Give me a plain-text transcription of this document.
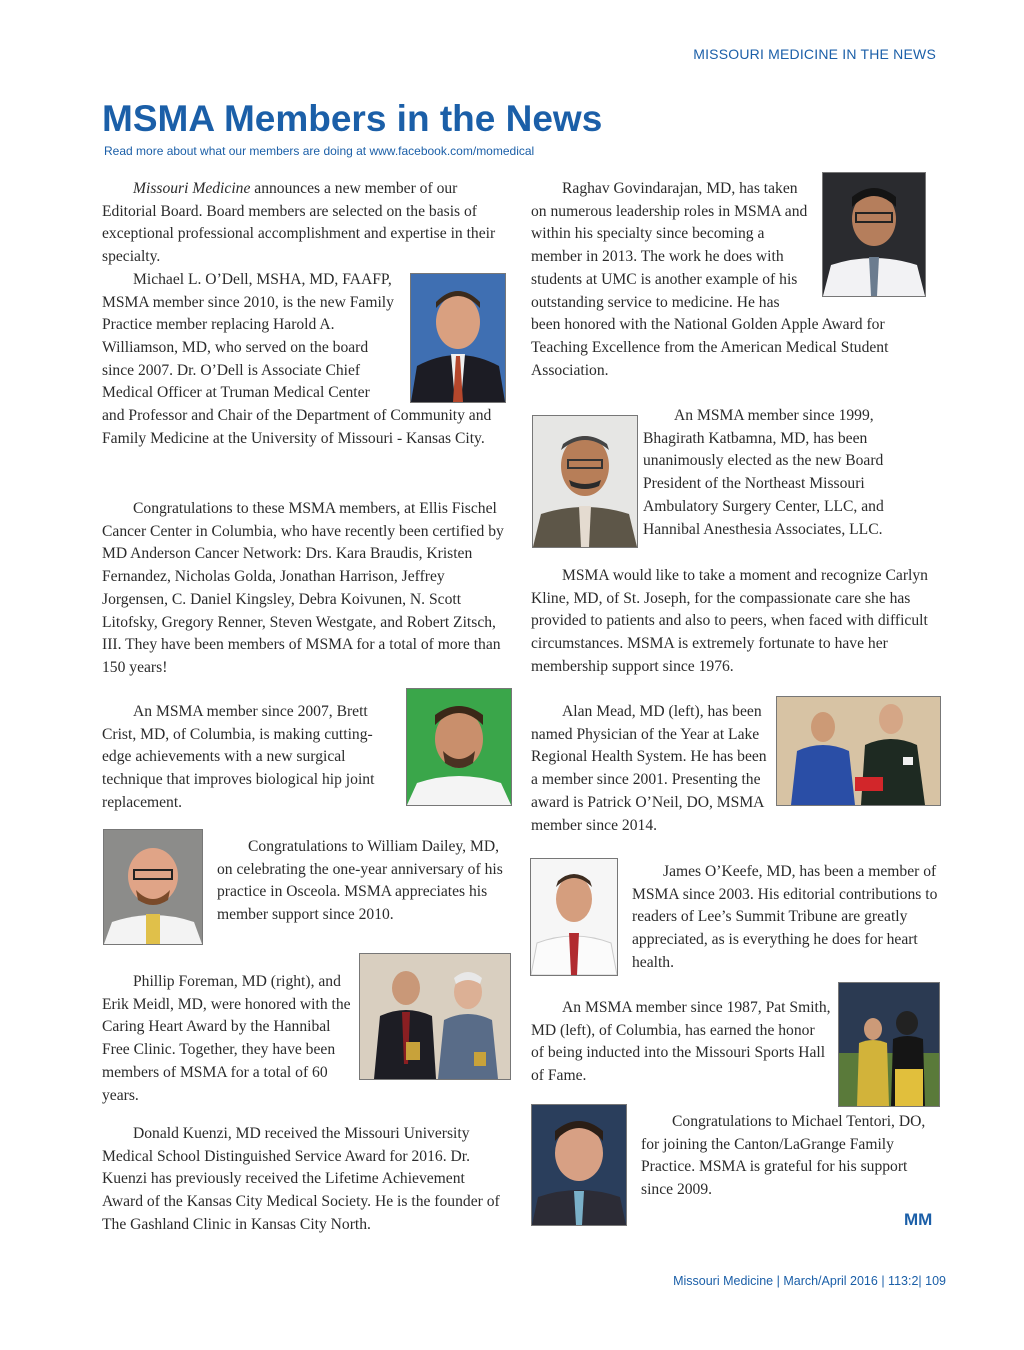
MISSOURI MEDICINE IN THE NEWS
MSMA Members in the News
Read more about what our members are doing at www.facebook.com/momedical

Missouri Medicine announces a new member of our Editorial Board. Board members are selected on the basis of exceptional professional accomplishment and expertise in their specialty.

Michael L. O’Dell, MSHA, MD, FAAFP, MSMA member since 2010, is the new Family Practice member replacing Harold A. Williamson, MD, who served on the board since 2007. Dr. O’Dell is Associate Chief Medical Officer at Truman Medical Center and Professor and Chair of the Department of Community and Family Medicine at the University of Missouri - Kansas City.

Congratulations to these MSMA members, at Ellis Fischel Cancer Center in Columbia, who have recently been certified by MD Anderson Cancer Network: Drs. Kara Braudis, Kristen Fernandez, Nicholas Golda, Jonathan Harrison, Jeffrey Jorgensen, C. Daniel Kingsley, Debra Koivunen, N. Scott Litofsky, Gregory Renner, Steven Westgate, and Robert Zitsch, III. They have been members of MSMA for a total of more than 150 years!
An MSMA member since 2007, Brett Crist, MD, of Columbia, is making cutting-edge achievements with a new surgical technique that improves biological hip joint replacement.
Congratulations to William Dailey, MD, on celebrating the one-year anniversary of his practice in Osceola. MSMA appreciates his member support since 2010.
Phillip Foreman, MD (right), and Erik Meidl, MD, were honored with the Caring Heart Award by the Hannibal Free Clinic. Together, they have been members of MSMA for a total of 60 years.
Donald Kuenzi, MD received the Missouri University Medical School Distinguished Service Award for 2016. Dr. Kuenzi has previously received the Lifetime Achievement Award of the Kansas City Medical Society. He is the founder of The Gashland Clinic in Kansas City North.

Raghav Govindarajan, MD, has taken on numerous leadership roles in MSMA and within his specialty since becoming a member in 2013. The work he does with students at UMC is another example of his outstanding service to medicine. He has been honored with the National Golden Apple Award for Teaching Excellence from the American Medical Student Association.

An MSMA member since 1999, Bhagirath Katbamna, MD, has been unanimously elected as the new Board President of the Northeast Missouri Ambulatory Surgery Center, LLC, and Hannibal Anesthesia Associates, LLC.

MSMA would like to take a moment and recognize Carlyn Kline, MD, of St. Joseph, for the compassionate care she has provided to patients and also to peers, when faced with difficult circumstances. MSMA is extremely fortunate to have her membership support since 1976.
Alan Mead, MD (left), has been named Physician of the Year at Lake Regional Health System. He has been a member since 2001. Presenting the award is Patrick O’Neil, DO, MSMA member since 2014.

James O’Keefe, MD, has been a member of MSMA since 2003. His editorial contributions to readers of Lee’s Summit Tribune are greatly appreciated, as is everything he does for heart health.

An MSMA member since 1987, Pat Smith, MD (left), of Columbia, has earned the honor of being inducted into the Missouri Sports Hall of Fame.

Congratulations to Michael Tentori, DO, for joining the Canton/LaGrange Family Practice. MSMA is grateful for his support since 2009.

MM
Missouri Medicine | March/April 2016 | 113:2| 109
